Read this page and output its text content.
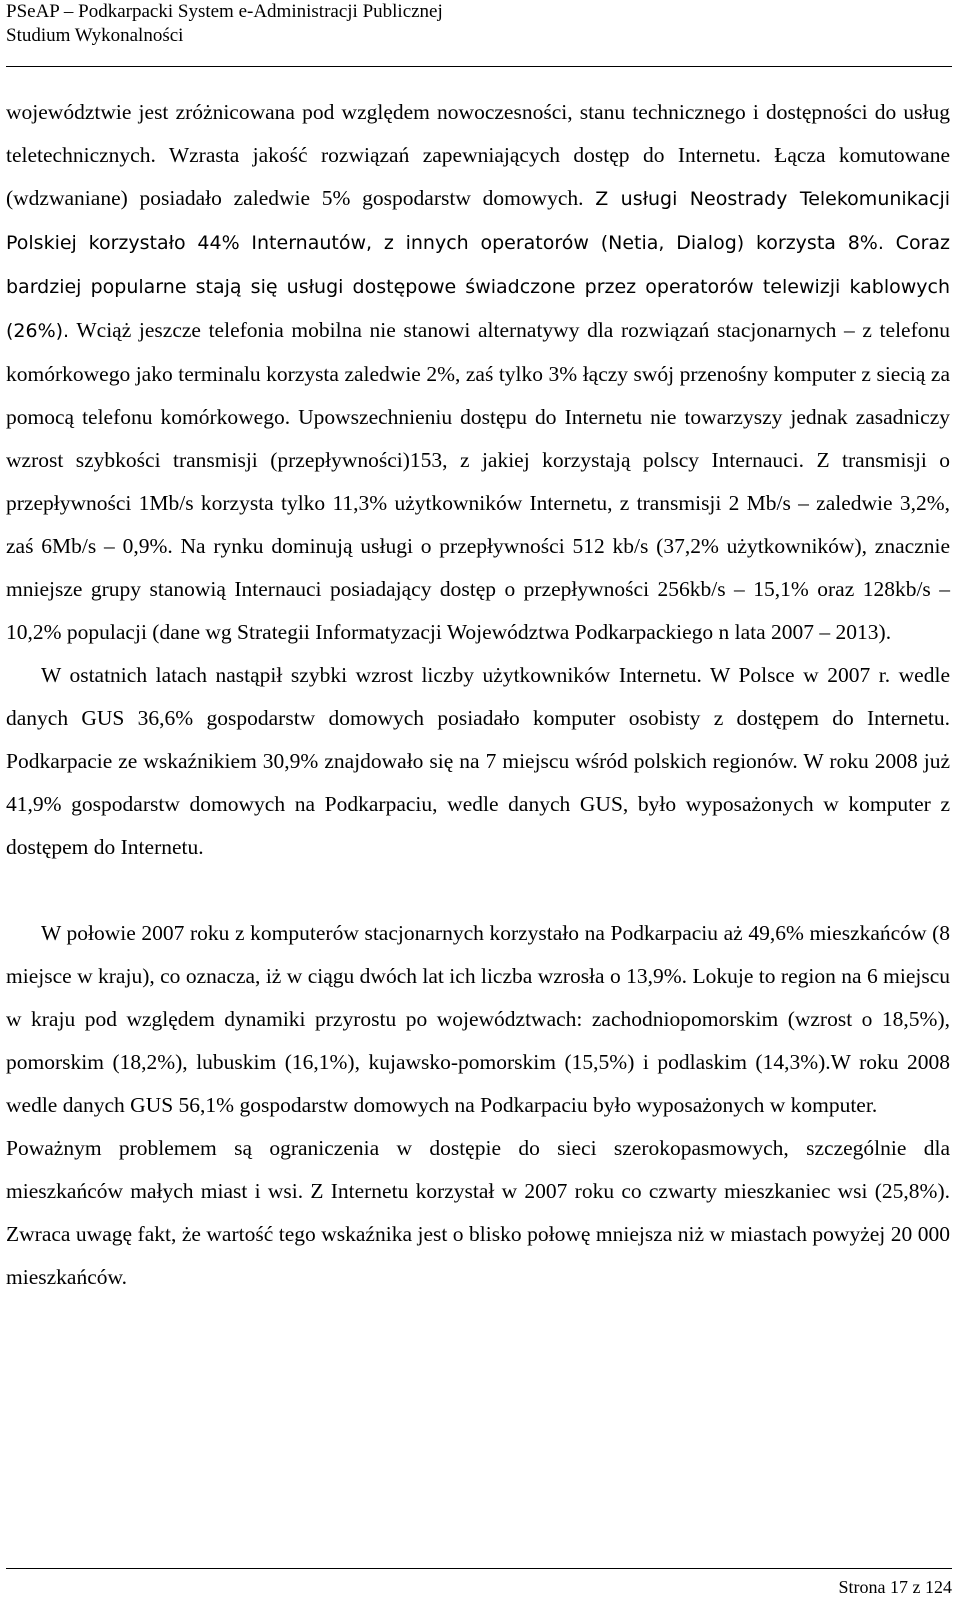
PSeAP – Podkarpacki System e-Administracji Publicznej
Studium Wykonalności

województwie jest zróżnicowana pod względem nowoczesności, stanu technicznego i dostępności do usług teletechnicznych. Wzrasta jakość rozwiązań zapewniających dostęp do Internetu. Łącza komutowane (wdzwaniane) posiadało zaledwie 5% gospodarstw domowych. Z usługi Neostrady Telekomunikacji Polskiej korzystało 44% Internautów, z innych operatorów (Netia, Dialog) korzysta 8%. Coraz bardziej popularne stają się usługi dostępowe świadczone przez operatorów telewizji kablowych (26%). Wciąż jeszcze telefonia mobilna nie stanowi alternatywy dla rozwiązań stacjonarnych – z telefonu komórkowego jako terminalu korzysta zaledwie 2%, zaś tylko 3% łączy swój przenośny komputer z siecią za pomocą telefonu komórkowego. Upowszechnieniu dostępu do Internetu nie towarzyszy jednak zasadniczy wzrost szybkości transmisji (przepływności)153, z jakiej korzystają polscy Internauci. Z transmisji o przepływności 1Mb/s korzysta tylko 11,3% użytkowników Internetu, z transmisji 2 Mb/s – zaledwie 3,2%, zaś 6Mb/s – 0,9%. Na rynku dominują usługi o przepływności 512 kb/s (37,2% użytkowników), znacznie mniejsze grupy stanowią Internauci posiadający dostęp o przepływności 256kb/s – 15,1% oraz 128kb/s – 10,2% populacji (dane wg Strategii Informatyzacji Województwa Podkarpackiego n lata 2007 – 2013).

W ostatnich latach nastąpił szybki wzrost liczby użytkowników Internetu. W Polsce w 2007 r. wedle danych GUS 36,6% gospodarstw domowych posiadało komputer osobisty z dostępem do Internetu. Podkarpacie ze wskaźnikiem 30,9% znajdowało się na 7 miejscu wśród polskich regionów. W roku 2008 już 41,9% gospodarstw domowych na Podkarpaciu, wedle danych GUS, było wyposażonych w komputer z dostępem do Internetu.

W połowie 2007 roku z komputerów stacjonarnych korzystało na Podkarpaciu aż 49,6% mieszkańców (8 miejsce w kraju), co oznacza, iż w ciągu dwóch lat ich liczba wzrosła o 13,9%. Lokuje to region na 6 miejscu w kraju pod względem dynamiki przyrostu po województwach: zachodniopomorskim (wzrost o 18,5%), pomorskim (18,2%), lubuskim (16,1%), kujawsko-pomorskim (15,5%) i podlaskim (14,3%).W roku 2008 wedle danych GUS 56,1% gospodarstw domowych na Podkarpaciu było wyposażonych w komputer.

Poważnym problemem są ograniczenia w dostępie do sieci szerokopasmowych, szczególnie dla mieszkańców małych miast i wsi. Z Internetu korzystał w 2007 roku co czwarty mieszkaniec wsi (25,8%). Zwraca uwagę fakt, że wartość tego wskaźnika jest o blisko połowę mniejsza niż w miastach powyżej 20 000 mieszkańców.

Strona 17 z 124
